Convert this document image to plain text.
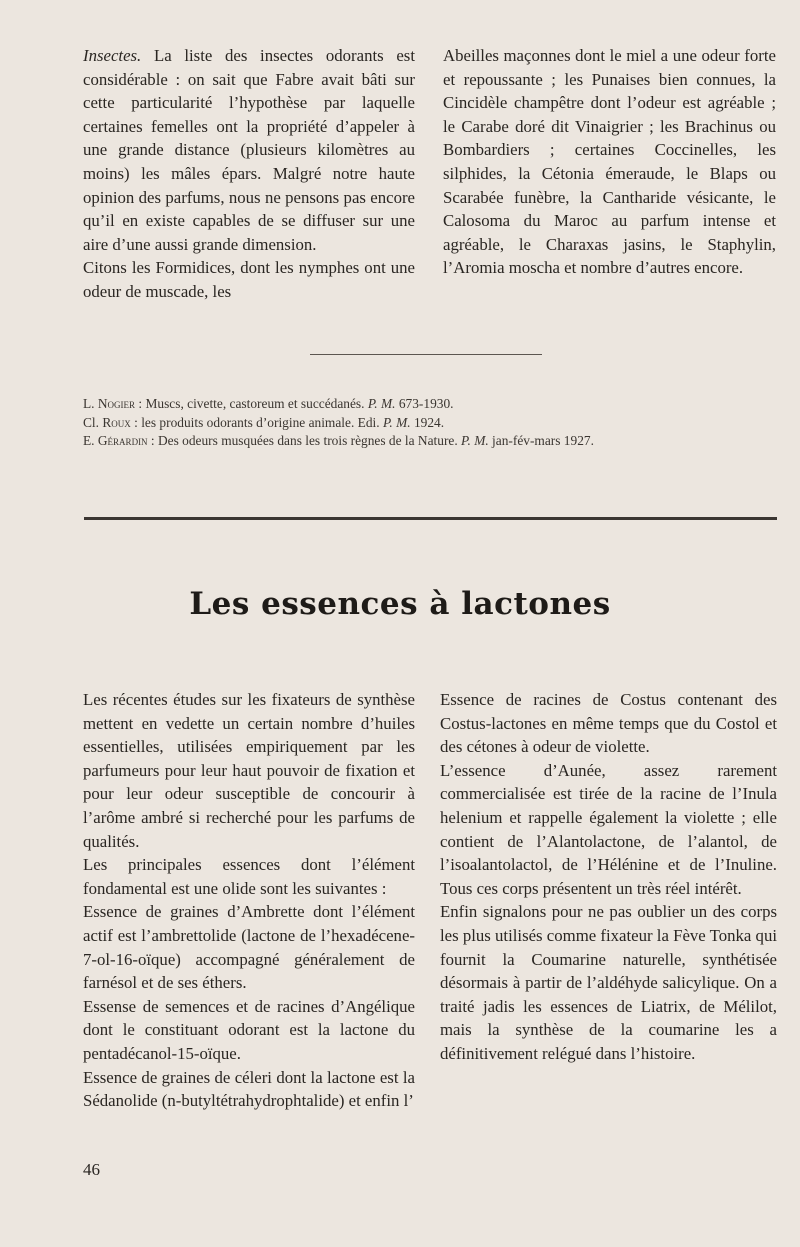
Insectes. La liste des insectes odorants est considérable : on sait que Fabre avait bâti sur cette particularité l’hypothèse par laquelle certaines femelles ont la propriété d’appeler à une grande distance (plusieurs kilomètres au moins) les mâles épars. Malgré notre haute opinion des parfums, nous ne pensons pas encore qu’il en existe capables de se diffuser sur une aire d’une aussi grande dimension.

Citons les Formidices, dont les nymphes ont une odeur de muscade, les

Abeilles maçonnes dont le miel a une odeur forte et repoussante ; les Punaises bien connues, la Cincidèle champêtre dont l’odeur est agréable ; le Carabe doré dit Vinaigrier ; les Brachinus ou Bombardiers ; certaines Coccinelles, les silphides, la Cétonia émeraude, le Blaps ou Scarabée funèbre, la Cantharide vésicante, le Calosoma du Maroc au parfum intense et agréable, le Charaxas jasins, le Staphylin, l’Aromia moscha et nombre d’autres encore.

L. Nogier : Muscs, civette, castoreum et succédanés. P. M. 673-1930.

Cl. Roux : les produits odorants d’origine animale. Edi. P. M. 1924.

E. Gérardin : Des odeurs musquées dans les trois règnes de la Nature. P. M. jan-fév-mars 1927.

Les essences à lactones

Les récentes études sur les fixateurs de synthèse mettent en vedette un certain nombre d’huiles essentielles, utilisées empiriquement par les parfumeurs pour leur haut pouvoir de fixation et pour leur odeur susceptible de concourir à l’arôme ambré si recherché pour les parfums de qualités.

Les principales essences dont l’élément fondamental est une olide sont les suivantes :

Essence de graines d’Ambrette dont l’élément actif est l’ambrettolide (lactone de l’hexadécene-7-ol-16-oïque) accompagné généralement de farnésol et de ses éthers.

Essense de semences et de racines d’Angélique dont le constituant odorant est la lactone du pentadécanol-15-oïque.

Essence de graines de céleri dont la lactone est la Sédanolide (n-butyltétrahydrophtalide) et enfin l’

Essence de racines de Costus contenant des Costus-lactones en même temps que du Costol et des cétones à odeur de violette.

L’essence d’Aunée, assez rarement commercialisée est tirée de la racine de l’Inula helenium et rappelle également la violette ; elle contient de l’Alantolactone, de l’alantol, de l’isoalantolactol, de l’Hélénine et de l’Inuline. Tous ces corps présentent un très réel intérêt.

Enfin signalons pour ne pas oublier un des corps les plus utilisés comme fixateur la Fève Tonka qui fournit la Coumarine naturelle, synthétisée désormais à partir de l’aldéhyde salicylique. On a traité jadis les essences de Liatrix, de Mélilot, mais la synthèse de la coumarine les a définitivement relégué dans l’histoire.

46
